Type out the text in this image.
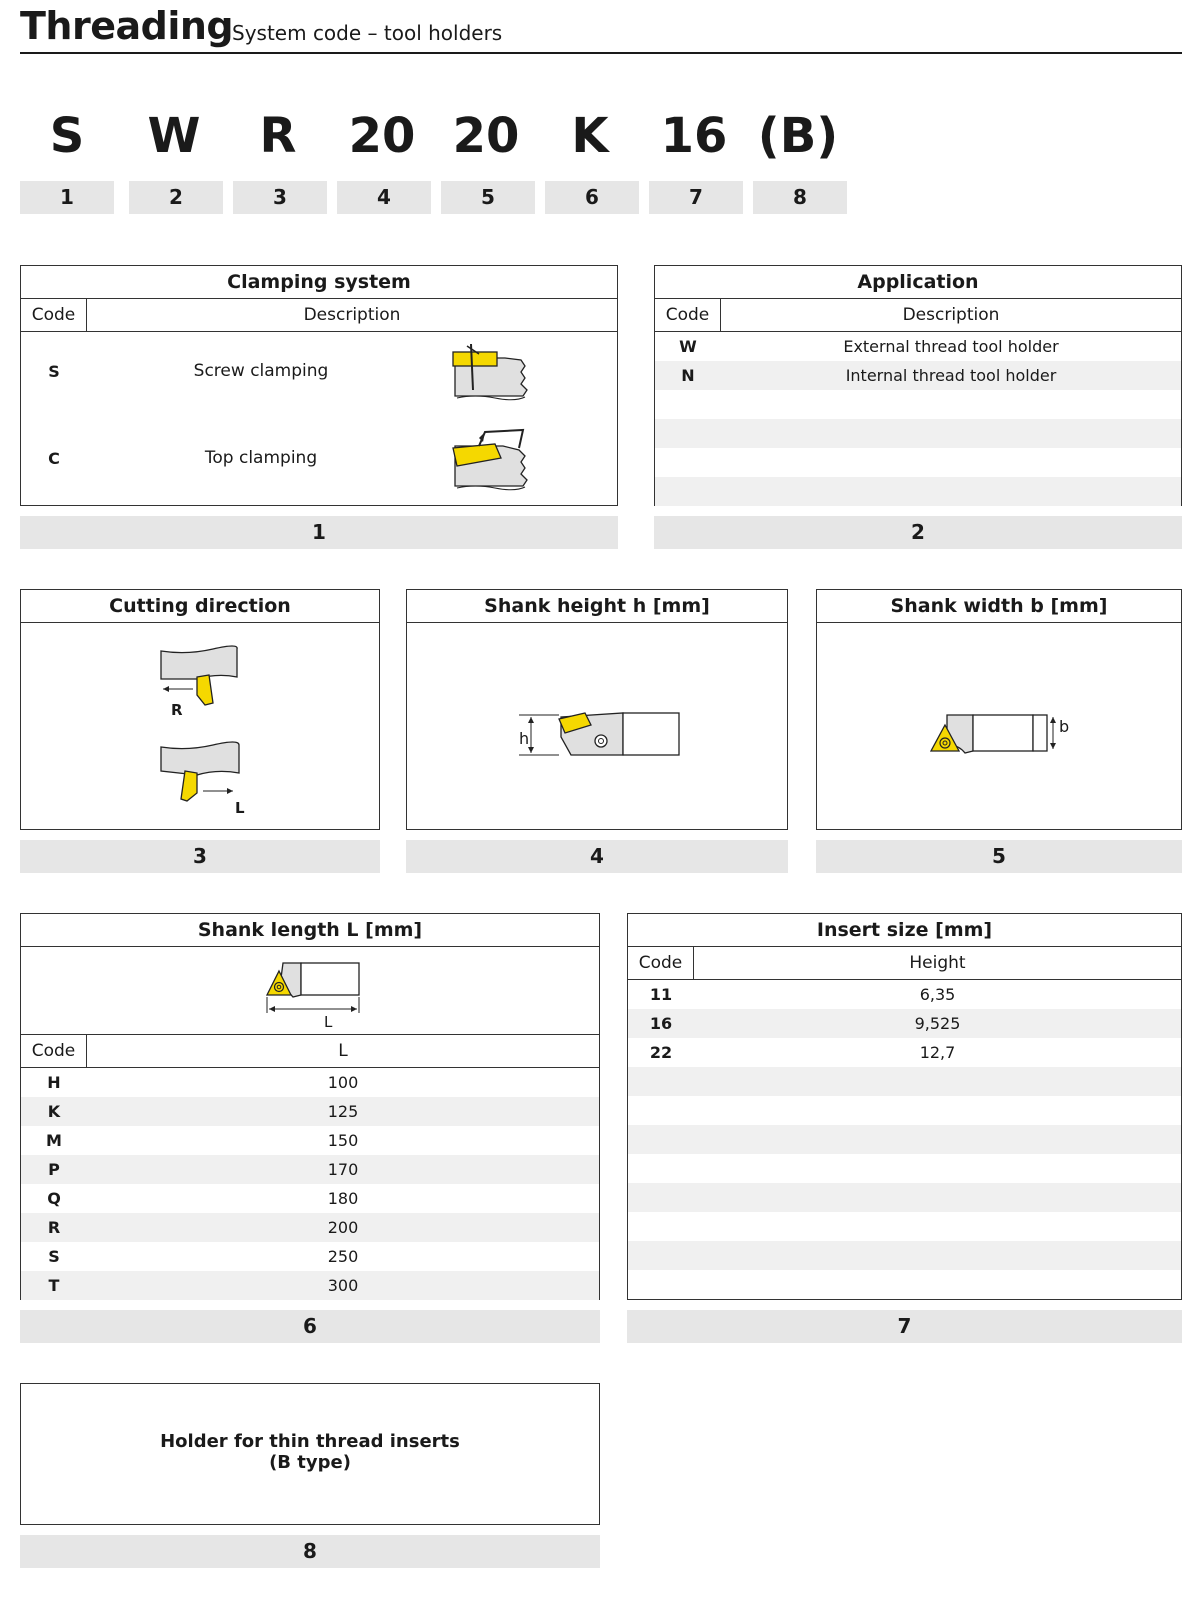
Threading
System code – tool holders
S	W	R	20 20	K	16 (B)
1	2	3	4	5	6	7	8
Clamping system
Code	Description
S	Screw clamping
C	Top clamping
1
Application
Code	Description
W	External thread tool holder
N	Internal thread tool holder
2
Cutting direction
R
L
3
Shank height h [mm]
h
4
Shank width b [mm]
b
5
Shank length L [mm]
L
Code	L
H	100
K	125
M	150
P	170
Q	180
R	200
S	250
T	300
6
Insert size [mm]
Code	Height
11	6,35
16	9,525
22	12,7
7
Holder for thin thread inserts
(B type)
8
